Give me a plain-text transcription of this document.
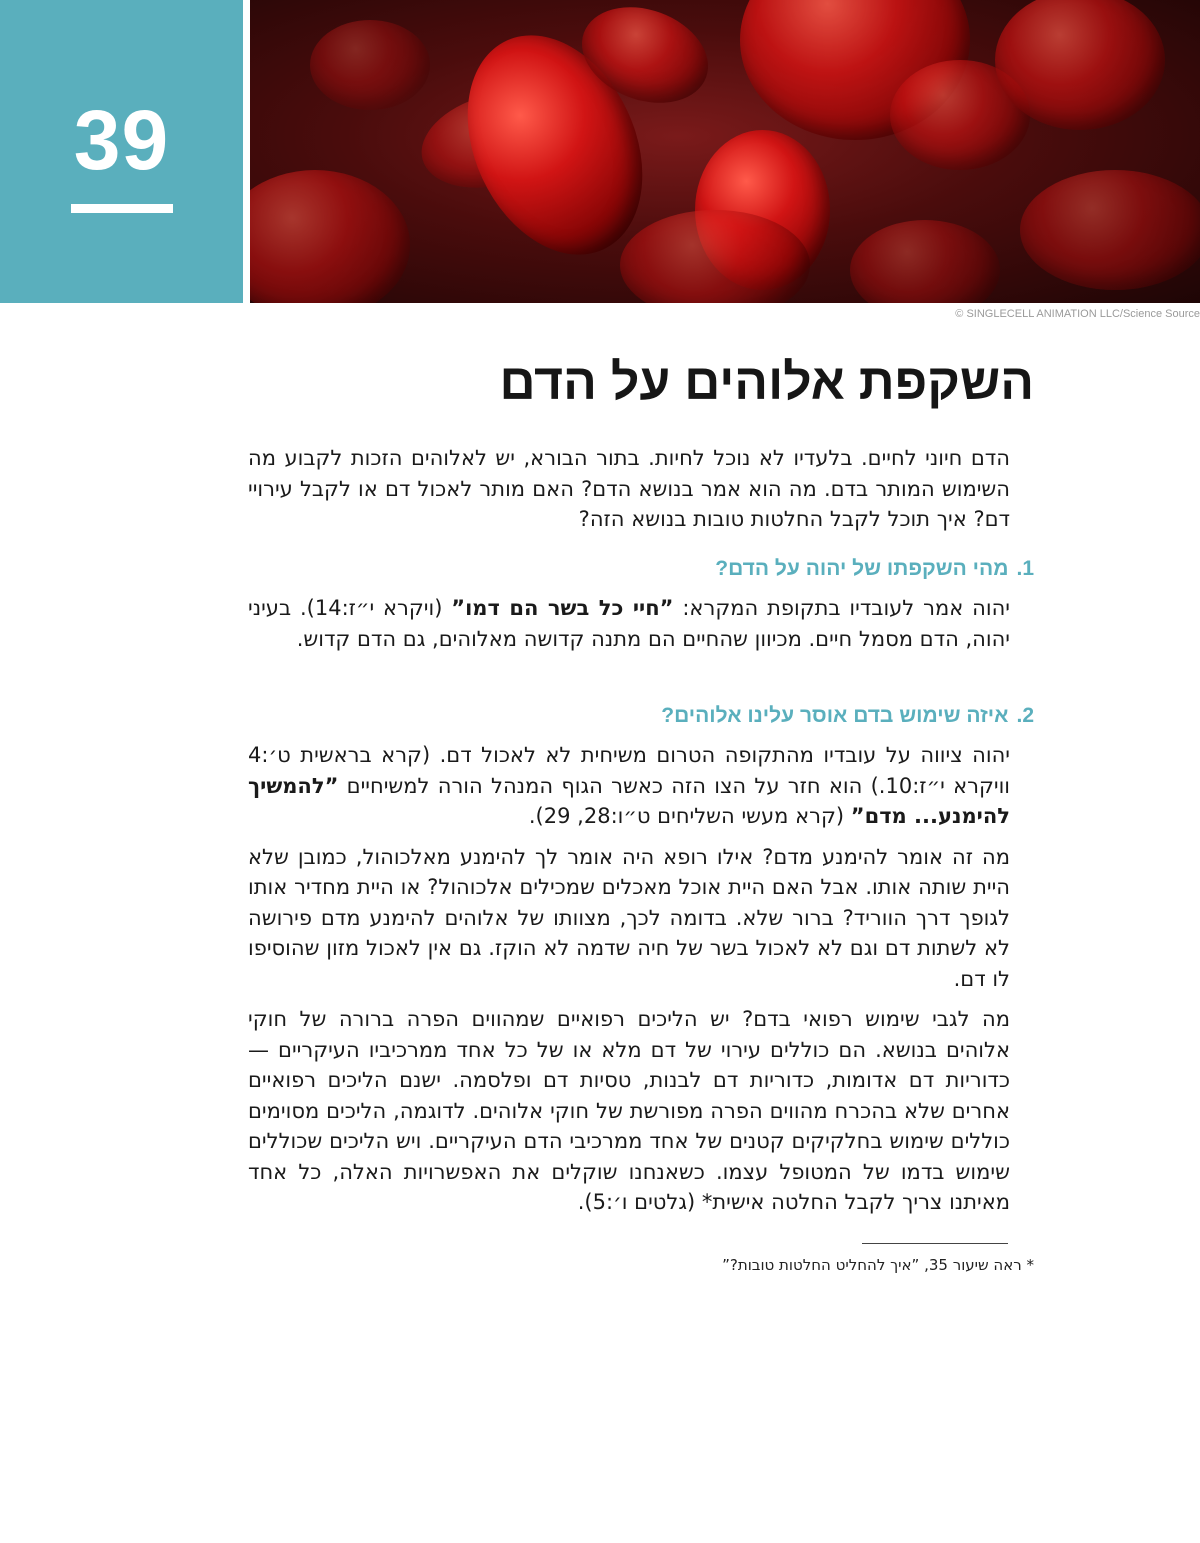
39
© SINGLECELL ANIMATION LLC/Science Source
השקפת אלוהים על הדם

הדם חיוני לחיים. בלעדיו לא נוכל לחיות. בתור הבורא, יש לאלוהים הזכות לקבוע מה השימוש המותר בדם. מה הוא אמר בנושא הדם? האם מותר לאכול דם או לקבל עירויי דם? איך תוכל לקבל החלטות טובות בנושא הזה?

1.מהי השקפתו של יהוה על הדם?

יהוה אמר לעובדיו בתקופת המקרא: ”חיי כל בשר הם דמו” (ויקרא י״ז:14). בעיני יהוה, הדם מסמל חיים. מכיוון שהחיים הם מתנה קדושה מאלוהים, גם הדם קדוש.

2.איזה שימוש בדם אוסר עלינו אלוהים?

יהוה ציווה על עובדיו מהתקופה הטרום משיחית לא לאכול דם. (קרא בראשית ט׳:4 וויקרא י״ז:10.) הוא חזר על הצו הזה כאשר הגוף המנהל הורה למשיחיים ”להמשיך להימנע... מדם” (קרא מעשי השליחים ט״ו:28, 29).

מה זה אומר להימנע מדם? אילו רופא היה אומר לך להימנע מאלכוהול, כמובן שלא היית שותה אותו. אבל האם היית אוכל מאכלים שמכילים אלכוהול? או היית מחדיר אותו לגופך דרך הווריד? ברור שלא. בדומה לכך, מצוותו של אלוהים להימנע מדם פירושה לא לשתות דם וגם לא לאכול בשר של חיה שדמה לא הוקז. גם אין לאכול מזון שהוסיפו לו דם.

מה לגבי שימוש רפואי בדם? יש הליכים רפואיים שמהווים הפרה ברורה של חוקי אלוהים בנושא. הם כוללים עירוי של דם מלא או של כל אחד ממרכיביו העיקריים — כדוריות דם אדומות, כדוריות דם לבנות, טסיות דם ופלסמה. ישנם הליכים רפואיים אחרים שלא בהכרח מהווים הפרה מפורשת של חוקי אלוהים. לדוגמה, הליכים מסוימים כוללים שימוש בחלקיקים קטנים של אחד ממרכיבי הדם העיקריים. ויש הליכים שכוללים שימוש בדמו של המטופל עצמו. כשאנחנו שוקלים את האפשרויות האלה, כל אחד מאיתנו צריך לקבל החלטה אישית* (גלטים ו׳:5).

* ראה שיעור 35, ”איך להחליט החלטות טובות?”
